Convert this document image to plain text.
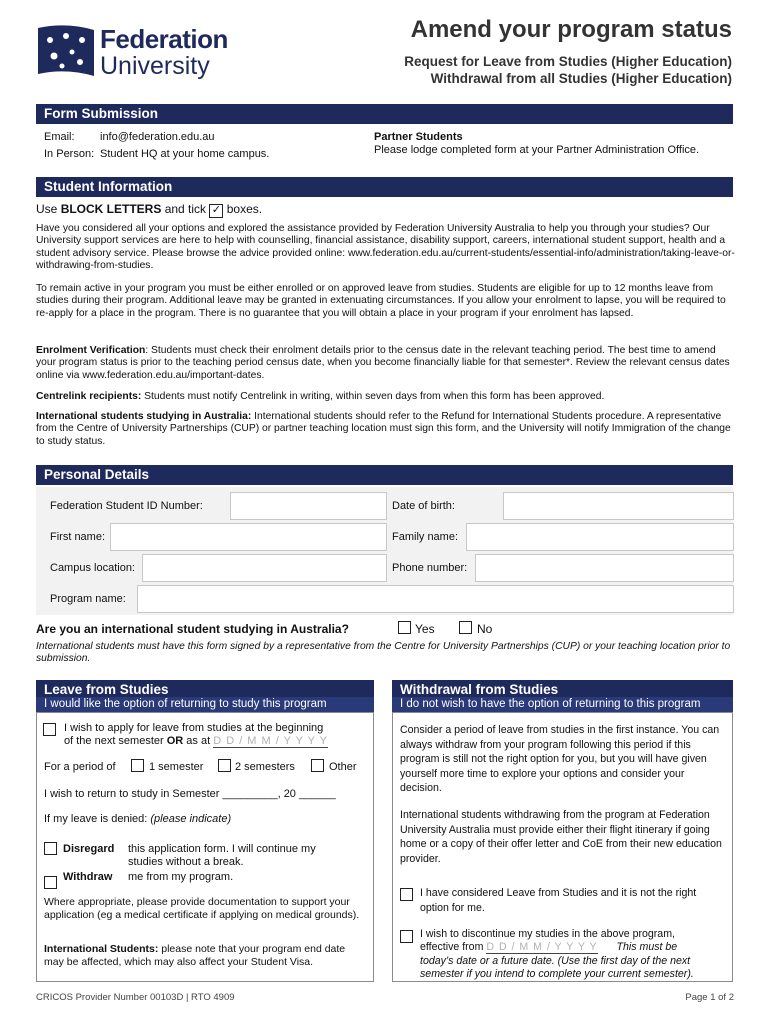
Federation
University
Amend your program status
Request for Leave from Studies (Higher Education)
Withdrawal from all Studies (Higher Education)
Form Submission
Email: info@federation.edu.au
In Person: Student HQ at your home campus.
Partner Students
Please lodge completed form at your Partner Administration Office.
Student Information
Use BLOCK LETTERS and tick ✓ boxes.
Have you considered all your options and explored the assistance provided by Federation University Australia to help you through your studies? Our University support services are here to help with counselling, financial assistance, disability support, careers, international student support, health and a student advisory service. Please browse the advice provided online: www.federation.edu.au/current-students/essential-info/administration/taking-leave-or-withdrawing-from-studies.
To remain active in your program you must be either enrolled or on approved leave from studies. Students are eligible for up to 12 months leave from studies during their program. Additional leave may be granted in extenuating circumstances. If you allow your enrolment to lapse, you will be required to re-apply for a place in the program. There is no guarantee that you will obtain a place in your program if your enrolment has lapsed.
Enrolment Verification: Students must check their enrolment details prior to the census date in the relevant teaching period. The best time to amend your program status is prior to the teaching period census date, when you become financially liable for that semester*. Review the relevant census dates online via www.federation.edu.au/important-dates.
Centrelink recipients: Students must notify Centrelink in writing, within seven days from when this form has been approved.
International students studying in Australia: International students should refer to the Refund for International Students procedure. A representative from the Centre of University Partnerships (CUP) or partner teaching location must sign this form, and the University will notify Immigration of the change to study status.
Personal Details
Federation Student ID Number:	Date of birth:
First name:	Family name:
Campus location:	Phone number:
Program name:
Are you an international student studying in Australia?	Yes	No
International students must have this form signed by a representative from the Centre for University Partnerships (CUP) or your teaching location prior to submission.
Leave from Studies
I would like the option of returning to study this program
I wish to apply for leave from studies at the beginning
of the next semester OR as at D D / M M / Y Y Y Y
For a period of	1 semester	2 semesters	Other
I wish to return to study in Semester _________, 20 ______
If my leave is denied: (please indicate)
Disregard this application form. I will continue my
studies without a break.
Withdraw me from my program.
Where appropriate, please provide documentation to support your application (eg a medical certificate if applying on medical grounds).
International Students: please note that your program end date may be affected, which may also affect your Student Visa.
Withdrawal from Studies
I do not wish to have the option of returning to this program
Consider a period of leave from studies in the first instance. You can always withdraw from your program following this period if this program is still not the right option for you, but you will have given yourself more time to explore your options and consider your decision.
International students withdrawing from the program at Federation University Australia must provide either their flight itinerary if going home or a copy of their offer letter and CoE from their new education provider.
I have considered Leave from Studies and it is not the right option for me.
I wish to discontinue my studies in the above program,
effective from D D / M M / Y Y Y Y This must be
today’s date or a future date. (Use the first day of the next
semester if you intend to complete your current semester).
CRICOS Provider Number 00103D | RTO 4909	Page 1 of 2
